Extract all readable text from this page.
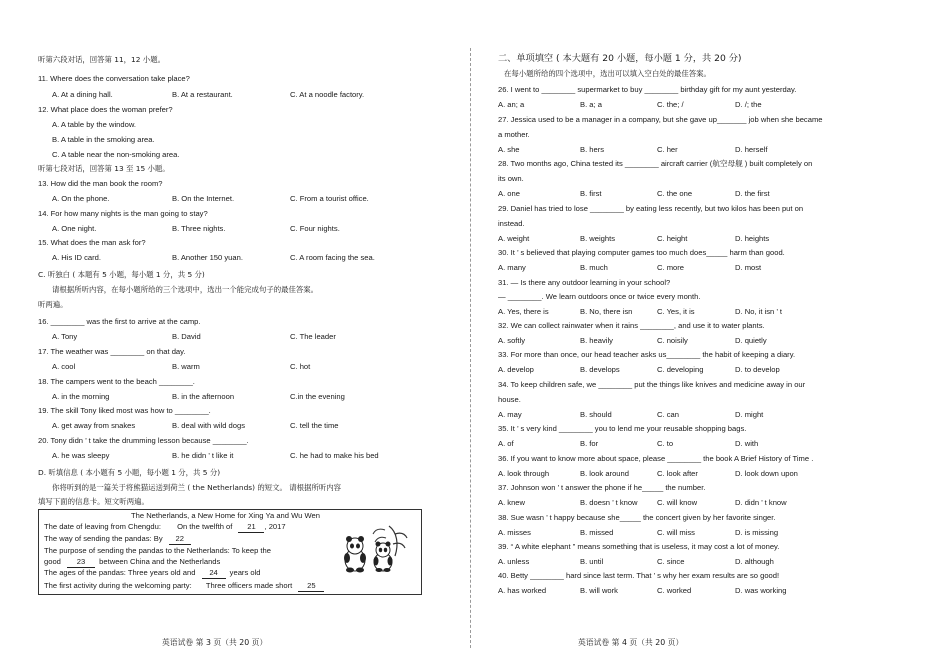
听第六段对话，回答第 11，12 小题。
11. Where does the conversation take place?
A. At a dining hall.	B. At a restaurant.	C. At a noodle factory.
12. What place does the woman prefer?
A. A table by the window.
B. A table in the smoking area.
C. A table near the non-smoking area.
听第七段对话，回答第 13 至 15 小题。
13. How did the man book the room?
A. On the phone.	B. On the Internet.	C. From a tourist office.
14. For how many nights is the man going to stay?
A. One night.	B. Three nights.	C. Four nights.
15. What does the man ask for?
A. His ID card.	B. Another 150 yuan.	C. A room facing the sea.
C. 听独白 ( 本题有 5 小题，每小题 1 分，共 5 分)
请根据所听内容，在每小题所给的三个选项中，选出一个能完成句子的最佳答案。
听两遍。
16. ________ was the first to arrive at the camp.
A. Tony	B. David	C. The leader
17. The weather was ________ on that day.
A. cool	B. warm	C. hot
18. The campers went to the beach ________.
A. in the morning	B. in the afternoon	C.in the evening
19. The skill Tony liked most was how to ________.
A. get away from snakes	B. deal with wild dogs	C. tell the time
20. Tony didn ’ t take the drumming lesson because ________.
A. he was sleepy	B. he didn ’ t like it	C. he had to make his bed
D. 听填信息 ( 本小题有 5 小题，每小题 1 分，共 5 分)
你将听到的是一篇关于将熊猫运送到荷兰 ( the Netherlands) 的短文。 请根据所听内容
填写下面的信息卡。短文听两遍。
二、单项填空 ( 本大题有 20 小题，每小题 1 分，共 20 分)
在每小题所给的四个选项中，选出可以填入空白处的最佳答案。
英语试卷 第 4 页（共 20 页）
26. I went to ________ supermarket to buy ________ birthday gift for my aunt yesterday.
A. an; a	B. a; a	C. the; /	D. /; the
27. Jessica used to be a manager in a company, but she gave up_______ job when she became
a mother.
A. she	B. hers	C. her	D. herself
28. Two months ago, China tested its ________ aircraft carrier (航空母舰 ) built completely on
its own.
A. one	B. first	C. the one	D. the first
29. Daniel has tried to lose ________ by eating less recently, but two kilos has been put on
instead.
A. weight	B. weights	C. height	D. heights
30. It ’ s believed that playing computer games too much does_____ harm than good.
A. many	B. much	C. more	D. most
31. — Is there any outdoor learning in your school?
— ________. We learn outdoors once or twice every month.
A. Yes, there is	B. No, there isn	C. Yes, it is	D. No, it isn ’ t
32. We can collect rainwater when it rains ________, and use it to water plants.
A. softly	B. heavily	C. noisily	D. quietly
33. For more than once, our head teacher asks us________ the habit of keeping a diary.
A. develop	B. develops	C. developing	D. to develop
34. To keep children safe, we ________ put the things like knives and medicine away in our
house.
A. may	B. should	C. can	D. might
35. It ’ s very kind ________ you to lend me your reusable shopping bags.
A. of	B. for	C. to	D. with
36. If you want to know more about space, please ________ the book A Brief History of Time .
A. look through	B. look around	C. look after	D. look down upon
37. Johnson won ’ t answer the phone if he_____ the number.
A. knew	B. doesn ’ t know	C. will know	D. didn ’ t know
38. Sue wasn ’ t happy because she_____ the concert given by her favorite singer.
A. misses	B. missed	C. will miss	D. is missing
39. “ A white elephant ” means something that is useless, it may cost a lot of money.
A. unless	B. until	C. since	D. although
40. Betty ________ hard since last term. That ’ s why her exam results are so good!
A. has worked	B. will work	C. worked	D. was working
The Netherlands, a New Home for Xing Ya and Wu Wen
The date of leaving from Chengdu: On the twelfth of 21 , 2017
The way of sending the pandas: By 22
The purpose of sending the pandas to the Netherlands: To keep the
good 23 between China and the Netherlands
The ages of the pandas: Three years old and 24 years old
The first activity during the welcoming party: Three officers made short 25
英语试卷 第 3 页（共 20 页）
